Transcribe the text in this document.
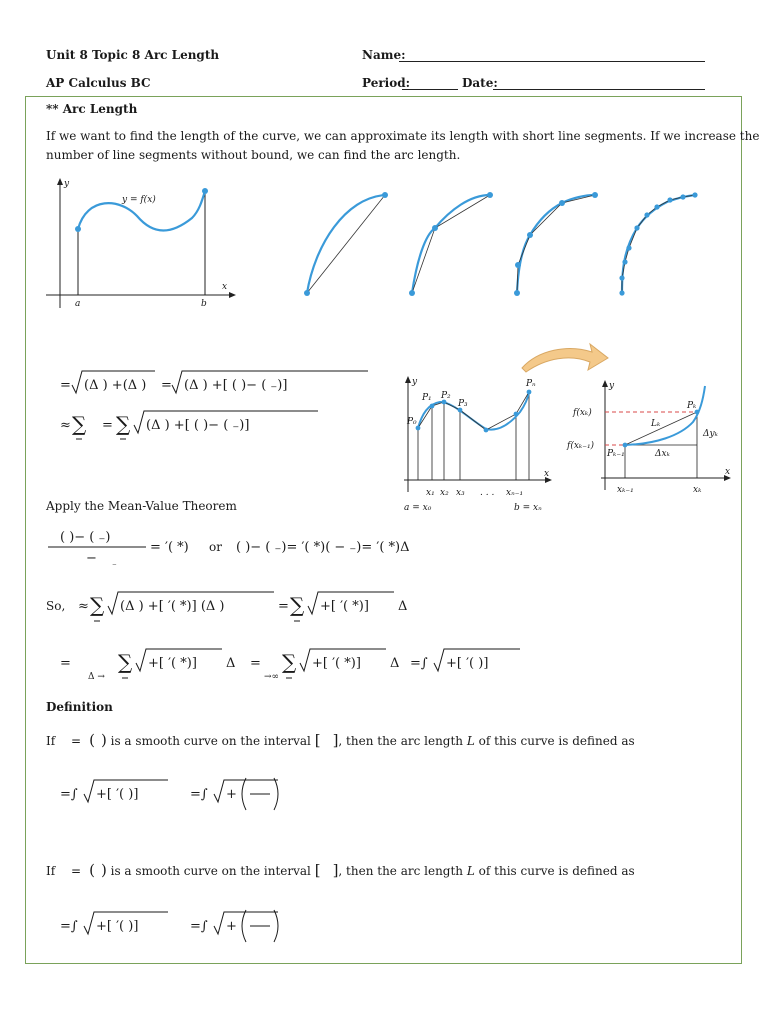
Unit 8 Topic 8 Arc Length
AP Calculus BC
Name:
Period:	Date:
** Arc Length
If we want to find the length of the curve, we can approximate its length with short line segments. If we increase the
number of line segments without bound, we can find the arc length.
y
x
y = f(x)
a	b
= (Δ ) +(Δ ) = (Δ ) +[ ( )− ( ₋)]
≈ ∑ = ∑ (Δ ) +[ ( )− ( ₋)]
y
x
P₀
P₁ P₂
P₃
Pₙ
x₁ x₂ x₃ . . . xₙ₋₁
a = x₀	b = xₙ
y
x
f(xₖ)
f(xₖ₋₁)
Pₖ
Pₖ₋₁
Lₖ
Δyₖ
Δxₖ
xₖ₋₁	xₖ
Apply the Mean-Value Theorem
( )− ( ₋)
− ₋
= ′( *) or ( )− ( ₋)= ′( *)( − ₋)= ′( *)Δ
So, ≈ ∑ (Δ ) +[ ′( *)] (Δ )	= ∑ +[ ′( *)] Δ
=
Δ →
∑ +[ ′( *)] Δ =
→∞
∑ +[ ′( *)] Δ =∫ +[ ′( )]
Definition
If = ( ) is a smooth curve on the interval [ ], then the arc length L of this curve is defined as
=∫ +[ ′( )]	=∫ +
If = ( ) is a smooth curve on the interval [ ], then the arc length L of this curve is defined as
=∫ +[ ′( )]	=∫ +
